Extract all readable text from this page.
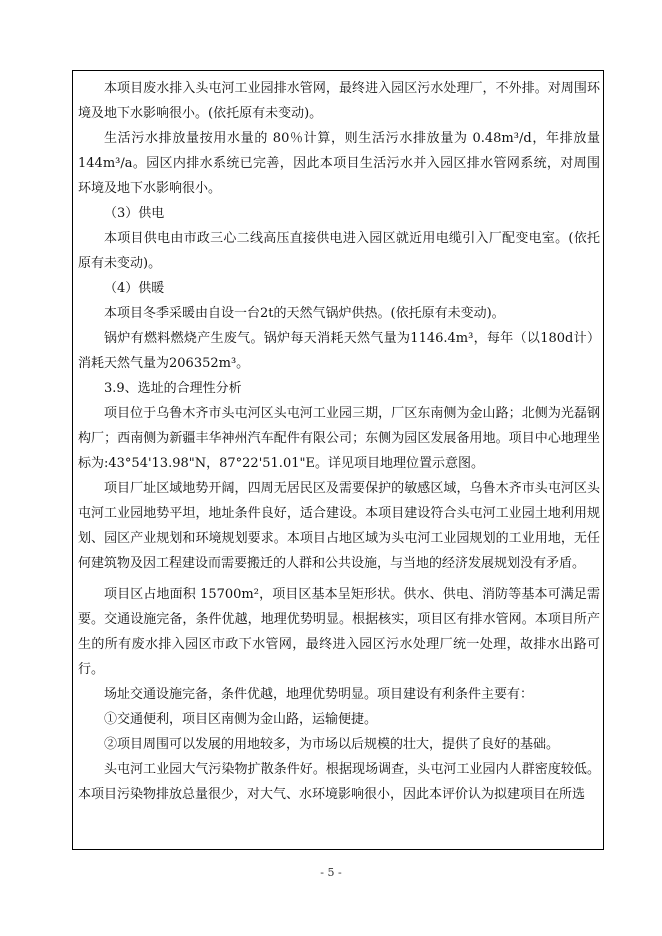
本项目废水排入头屯河工业园排水管网，最终进入园区污水处理厂，不外排。对周围环境及地下水影响很小。(依托原有未变动)。

生活污水排放量按用水量的 80％计算，则生活污水排放量为 0.48m³/d，年排放量144m³/a。园区内排水系统已完善，因此本项目生活污水并入园区排水管网系统，对周围环境及地下水影响很小。

（3）供电

本项目供电由市政三心二线高压直接供电进入园区就近用电缆引入厂配变电室。(依托原有未变动)。

（4）供暖

本项目冬季采暖由自设一台2t的天然气锅炉供热。(依托原有未变动)。

锅炉有燃料燃烧产生废气。锅炉每天消耗天然气量为1146.4m³，每年（以180d计）消耗天然气量为206352m³。

3.9、选址的合理性分析

项目位于乌鲁木齐市头屯河区头屯河工业园三期，厂区东南侧为金山路；北侧为光磊钢构厂；西南侧为新疆丰华神州汽车配件有限公司；东侧为园区发展备用地。项目中心地理坐标为:43°54'13.98"N，87°22'51.01"E。详见项目地理位置示意图。

项目厂址区域地势开阔，四周无居民区及需要保护的敏感区域，乌鲁木齐市头屯河区头屯河工业园地势平坦，地址条件良好，适合建设。本项目建设符合头屯河工业园土地利用规划、园区产业规划和环境规划要求。本项目占地区域为头屯河工业园规划的工业用地，无任何建筑物及因工程建设而需要搬迁的人群和公共设施，与当地的经济发展规划没有矛盾。

项目区占地面积 15700m²，项目区基本呈矩形状。供水、供电、消防等基本可满足需要。交通设施完备，条件优越，地理优势明显。根据核实，项目区有排水管网。本项目所产生的所有废水排入园区市政下水管网，最终进入园区污水处理厂统一处理，故排水出路可行。

场址交通设施完备，条件优越，地理优势明显。项目建设有利条件主要有：

①交通便利，项目区南侧为金山路，运输便捷。

②项目周围可以发展的用地较多，为市场以后规模的壮大，提供了良好的基础。

头屯河工业园大气污染物扩散条件好。根据现场调查，头屯河工业园内人群密度较低。本项目污染物排放总量很少，对大气、水环境影响很小，因此本评价认为拟建项目在所选

- 5 -
